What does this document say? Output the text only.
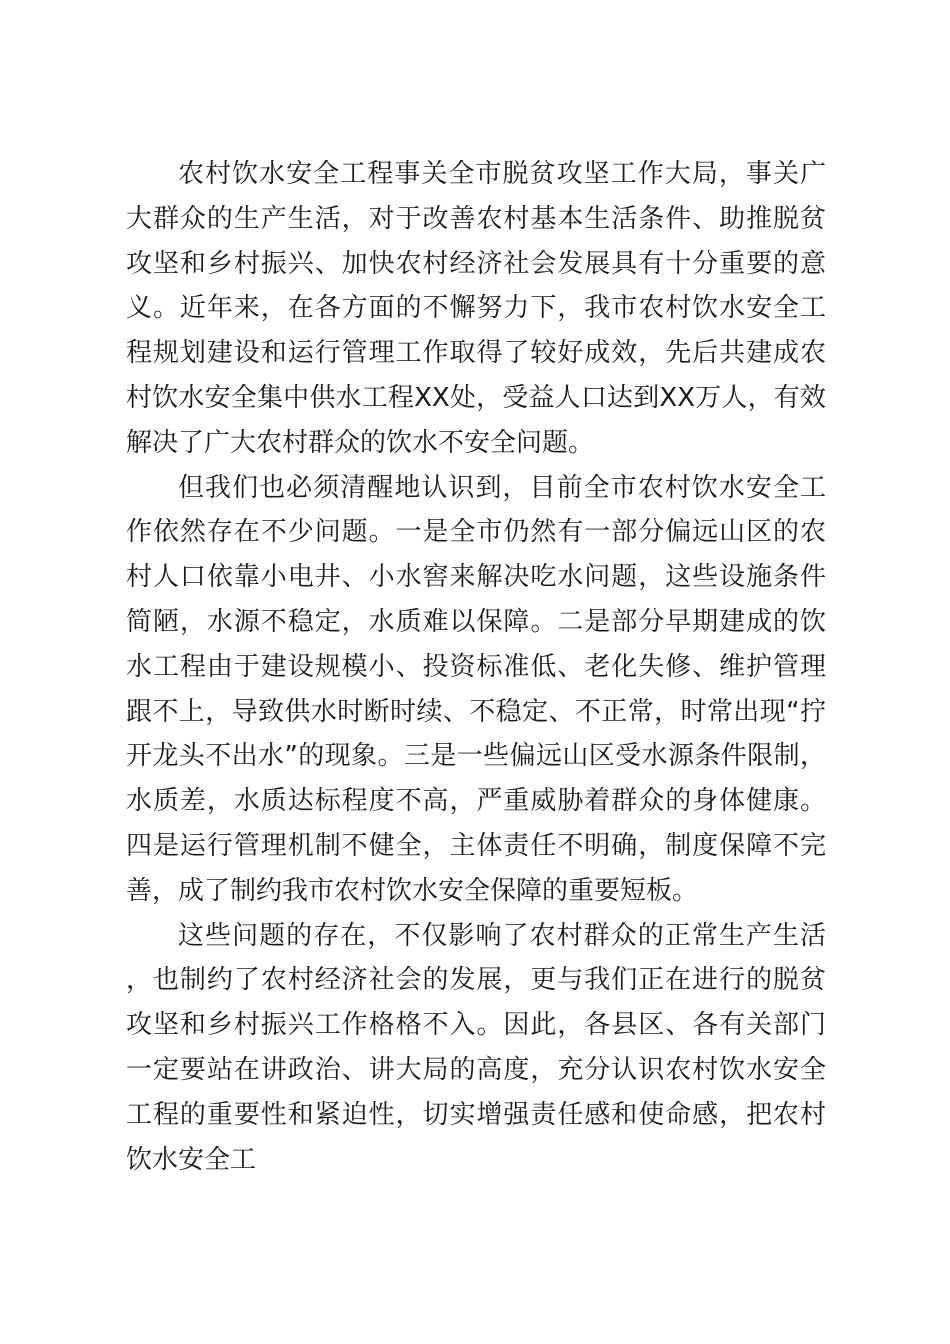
农村饮水安全工程事关全市脱贫攻坚工作大局，事关广大群众的生产生活，对于改善农村基本生活条件、助推脱贫攻坚和乡村振兴、加快农村经济社会发展具有十分重要的意义。近年来，在各方面的不懈努力下，我市农村饮水安全工程规划建设和运行管理工作取得了较好成效，先后共建成农村饮水安全集中供水工程XX处，受益人口达到XX万人，有效解决了广大农村群众的饮水不安全问题。

但我们也必须清醒地认识到，目前全市农村饮水安全工作依然存在不少问题。一是全市仍然有一部分偏远山区的农村人口依靠小电井、小水窖来解决吃水问题，这些设施条件简陋，水源不稳定，水质难以保障。二是部分早期建成的饮水工程由于建设规模小、投资标准低、老化失修、维护管理跟不上，导致供水时断时续、不稳定、不正常，时常出现“拧开龙头不出水”的现象。三是一些偏远山区受水源条件限制，水质差，水质达标程度不高，严重威胁着群众的身体健康。四是运行管理机制不健全，主体责任不明确，制度保障不完善，成了制约我市农村饮水安全保障的重要短板。

这些问题的存在，不仅影响了农村群众的正常生产生活，也制约了农村经济社会的发展，更与我们正在进行的脱贫攻坚和乡村振兴工作格格不入。因此，各县区、各有关部门一定要站在讲政治、讲大局的高度，充分认识农村饮水安全工程的重要性和紧迫性，切实增强责任感和使命感，把农村饮水安全工
